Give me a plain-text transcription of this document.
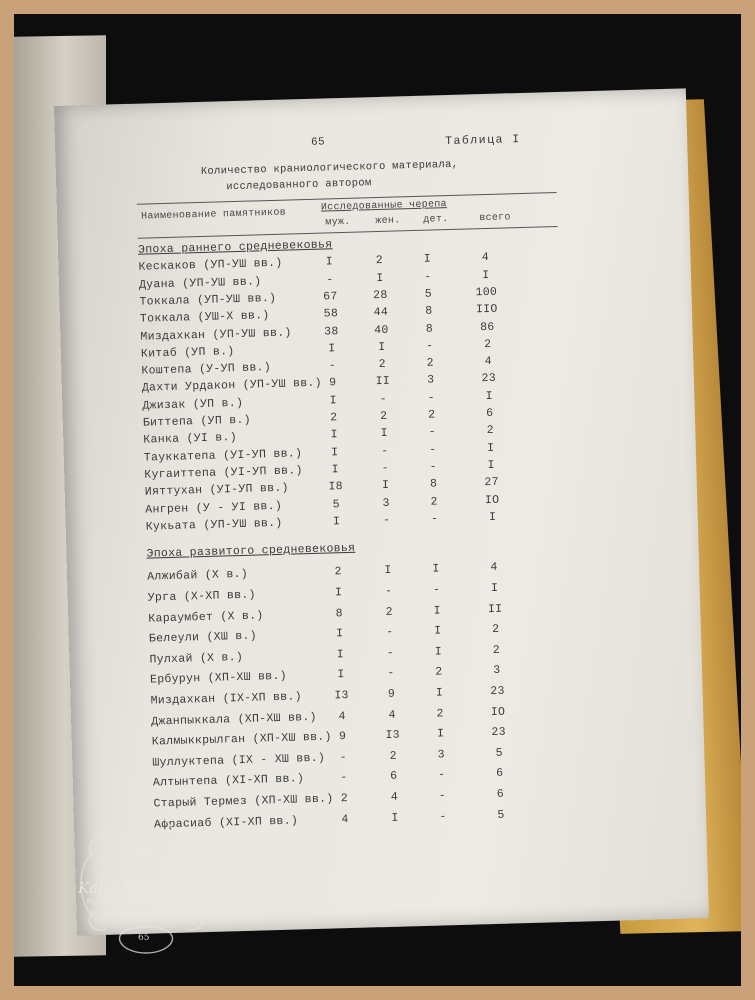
65	Таблица I
Количество краниологического материала,
исследованного автором
Наименование памятников
Исследованные черепа
муж. жен. дет.	всего
Эпоха раннего средневековья
Кескаков (УП-УШ вв.)	I	2	I	4
Дуана (УП-УШ вв.)	-	I	-	I
Токкала (УП-УШ вв.)	67	28	5	100
Токкала (УШ-Х вв.)	58	44	8	IIO
Миздахкан (УП-УШ вв.)	38	40	8	86
Китаб (УП в.)	I	I	-	2
Коштепа (У-УП вв.)	-	2	2	4
Дахти Урдакон (УП-УШ вв.) 9	II	3	23
Джизак (УП в.)	I	-	-	I
Биттепа (УП в.)	2	2	2	6
Канка (УI в.)	I	I	-	2
Тауккатепа (УI-УП вв.)	I	-	-	I
Кугаиттепа (УI-УП вв.)	I	-	-	I
Ияттухан (УI-УП вв.)	I8	I	8	27
Ангрен (У - УI вв.)	5	3	2	IO
Кукьата (УП-УШ вв.)	I	-	-	I
Эпоха развитого средневековья
Алжибай (Х в.)	2	I	I	4
Ургa (Х-ХП вв.)	I	-	-	I
Караумбет (Х в.)	8	2	I	II
Белеули (ХШ в.)	I	-	I	2
Пулхай (Х в.)	I	-	I	2
Ербурун (ХП-ХШ вв.)	I	-	2	3
Миздахкан (IХ-ХП вв.)	I3	9	I	23
Джанпыккала (ХП-ХШ вв.)	4	4	2	IO
Калмыккрылган (ХП-ХШ вв.) 9	I3	I	23
Шуллуктепа (IХ - ХШ вв.)	-	2	3	5
Алтынтепа (ХI-ХП вв.)	-	6	-	6
Старый Термез (ХП-ХШ вв.) 2	4	-	6
Афрасиаб (ХI-ХП вв.)	4	I	-	5
KM
Kalia Market.com
ИСТОРИЧЕСКОЕ КАК ЗНАНИЕ ВЕЧНО
65
